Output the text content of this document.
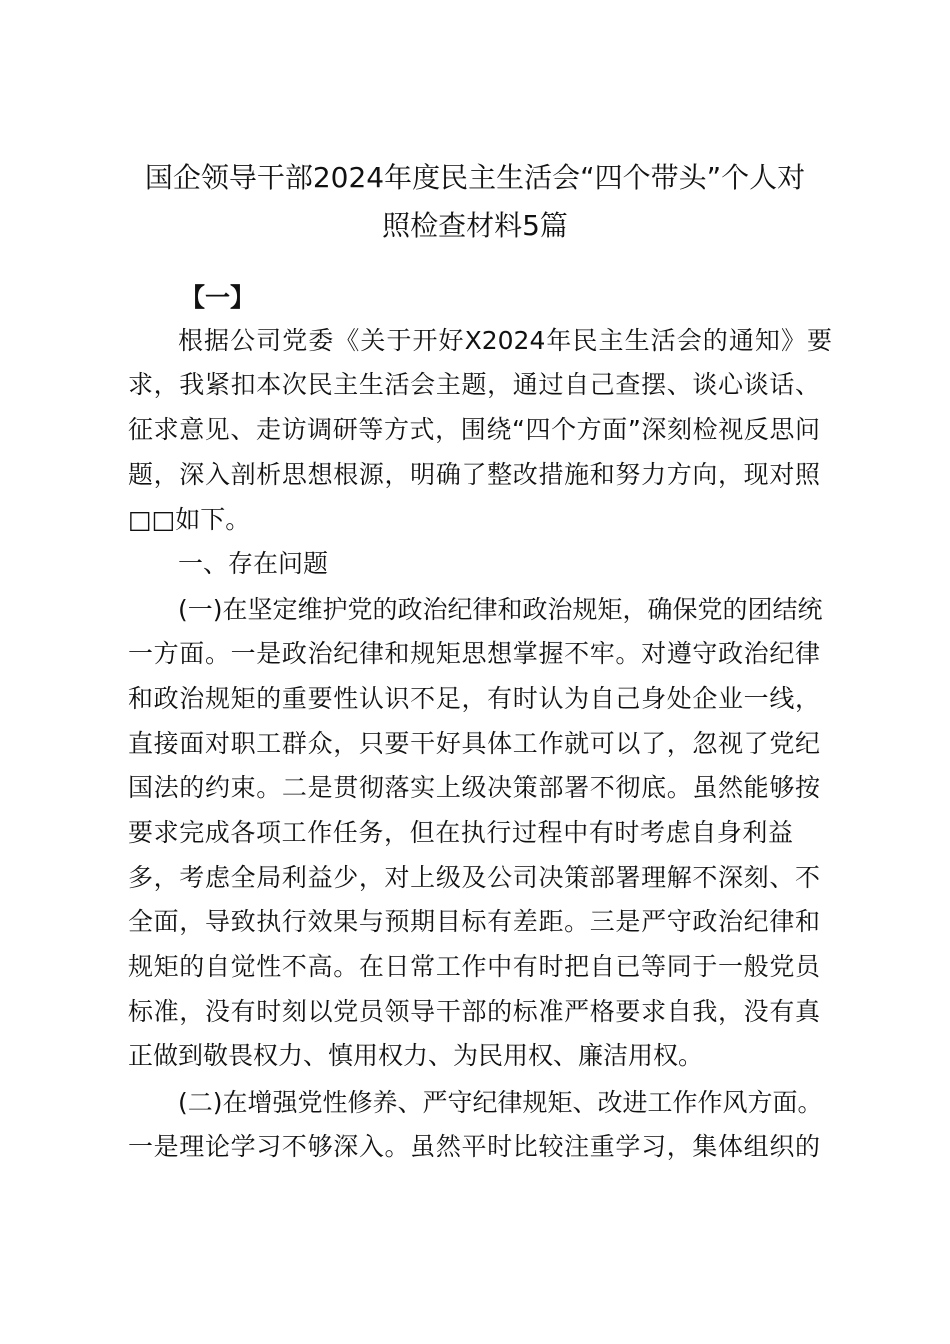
国企领导干部2024年度民主生活会“四个带头”个人对
照检查材料5篇

【一】

根据公司党委《关于开好X2024年民主生活会的通知》要

求，我紧扣本次民主生活会主题，通过自己查摆、谈心谈话、

征求意见、走访调研等方式，围绕“四个方面”深刻检视反思问

题，深入剖析思想根源，明确了整改措施和努力方向，现对照

□□如下。

一、存在问题

(一)在坚定维护党的政治纪律和政治规矩，确保党的团结统

一方面。一是政治纪律和规矩思想掌握不牢。对遵守政治纪律

和政治规矩的重要性认识不足，有时认为自己身处企业一线，

直接面对职工群众，只要干好具体工作就可以了，忽视了党纪

国法的约束。二是贯彻落实上级决策部署不彻底。虽然能够按

要求完成各项工作任务，但在执行过程中有时考虑自身利益

多，考虑全局利益少，对上级及公司决策部署理解不深刻、不

全面，导致执行效果与预期目标有差距。三是严守政治纪律和

规矩的自觉性不高。在日常工作中有时把自已等同于一般党员

标准，没有时刻以党员领导干部的标准严格要求自我，没有真

正做到敬畏权力、慎用权力、为民用权、廉洁用权。

(二)在增强党性修养、严守纪律规矩、改进工作作风方面。

一是理论学习不够深入。虽然平时比较注重学习，集体组织的
